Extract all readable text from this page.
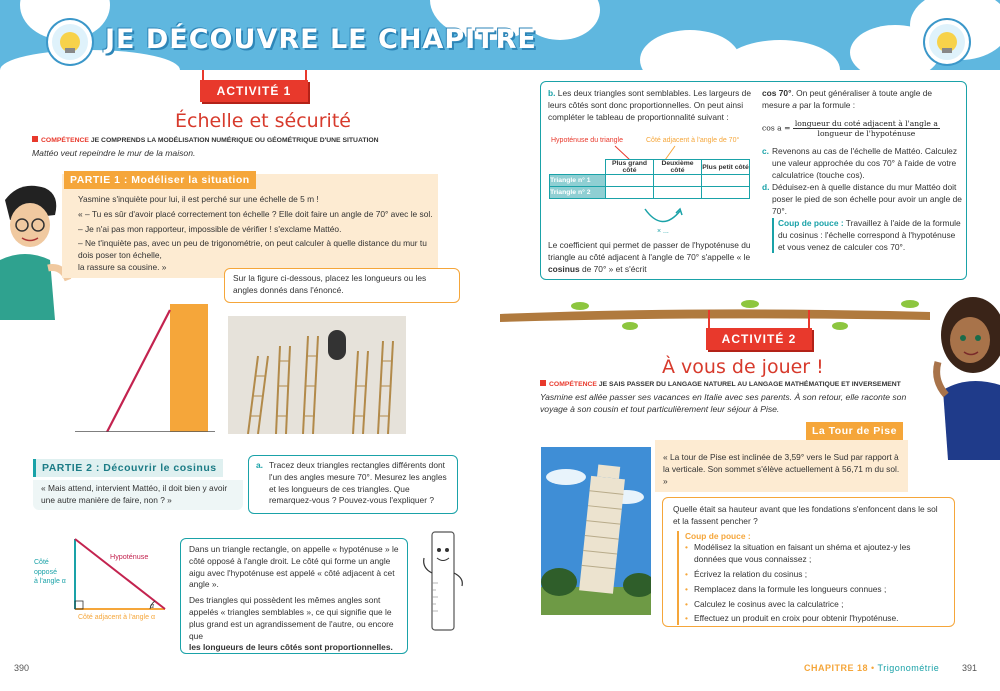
JE DÉCOUVRE LE CHAPITRE
ACTIVITÉ 1
Échelle et sécurité
COMPÉTENCE JE COMPRENDS LA MODÉLISATION NUMÉRIQUE OU GÉOMÉTRIQUE D'UNE SITUATION
Mattéo veut repeindre le mur de la maison.
PARTIE 1 : Modéliser la situation
Yasmine s'inquiète pour lui, il est perché sur une échelle de 5 m !
« – Tu es sûr d'avoir placé correctement ton échelle ? Elle doit faire un angle de 70° avec le sol.
– Je n'ai pas mon rapporteur, impossible de vérifier ! s'exclame Mattéo.
– Ne t'inquiète pas, avec un peu de trigonométrie, on peut calculer à quelle distance du mur tu dois poser ton échelle,
la rassure sa cousine. »
Sur la figure ci-dessous, placez les longueurs ou les angles donnés dans l'énoncé.
PARTIE 2 : Découvrir le cosinus
« Mais attend, intervient Mattéo, il doit bien y avoir une autre manière de faire, non ? »
a. Tracez deux triangles rectangles différents dont l'un des angles mesure 70°. Mesurez les angles et les longueurs de ces triangles. Que remarquez-vous ? Pouvez-vous l'expliquer ?
Hypoténuse
Côté
opposé
à l'angle α
α
Côté adjacent à l'angle α
Dans un triangle rectangle, on appelle « hypoténuse » le côté opposé à l'angle droit. Le côté qui forme un angle aigu avec l'hypoténuse est appelé « côté adjacent à cet angle ».
Des triangles qui possèdent les mêmes angles sont appelés « triangles semblables », ce qui signifie que le plus grand est un agrandissement de l'autre, ou encore que
les longueurs de leurs côtés sont proportionnelles.
b. Les deux triangles sont semblables. Les largeurs de leurs côtés sont donc proportionnelles. On peut ainsi compléter le tableau de proportionnalité suivant :
Hypoténuse du triangle	Côté adjacent à l'angle de 70°
	Plus grand côté	Deuxième côté	Plus petit côté
Triangle n° 1			
Triangle n° 2			
× ...
Le coefficient qui permet de passer de l'hypoténuse du triangle au côté adjacent à l'angle de 70° s'appelle « le cosinus de 70° » et s'écrit
cos 70°. On peut généraliser à toute angle de mesure a par la formule :
$\cos a = \frac{\text{longueur du coté adjacent à l'angle a}}{\text{longueur de l'hypoténuse}}$
c. Revenons au cas de l'échelle de Mattéo. Calculez une valeur approchée du cos 70° à l'aide de votre calculatrice (touche cos).
d. Déduisez-en à quelle distance du mur Mattéo doit poser le pied de son échelle pour avoir un angle de 70°.
Coup de pouce : Travaillez à l'aide de la formule du cosinus : l'échelle correspond à l'hypoténuse et vous venez de calculer cos 70°.
ACTIVITÉ 2
À vous de jouer !
COMPÉTENCE JE SAIS PASSER DU LANGAGE NATUREL AU LANGAGE MATHÉMATIQUE ET INVERSEMENT
Yasmine est allée passer ses vacances en Italie avec ses parents. À son retour, elle raconte son voyage à son cousin et tout particulièrement leur séjour à Pise.
La Tour de Pise
« La tour de Pise est inclinée de 3,59° vers le Sud par rapport à la verticale. Son sommet s'élève actuellement à 56,71 m du sol. »
Quelle était sa hauteur avant que les fondations s'enfoncent dans le sol et la fassent pencher ?
Coup de pouce :
• Modélisez la situation en faisant un shéma et ajoutez-y les données que vous connaissez ;
• Écrivez la relation du cosinus ;
• Remplacez dans la formule les longueurs connues ;
• Calculez le cosinus avec la calculatrice ;
• Effectuez un produit en croix pour obtenir l'hypoténuse.
390	CHAPITRE 18 • Trigonométrie	391
